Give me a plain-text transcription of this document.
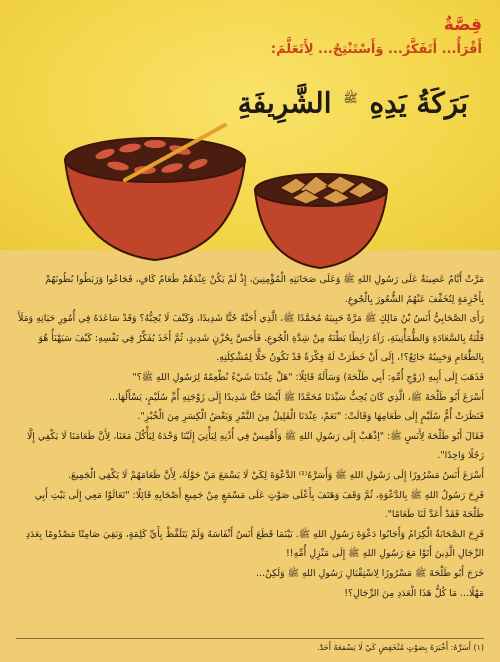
قِصَّةٌ
أَقْرَأُ... أَتَفَكَّرُ... وَأَسْتَنْتِجُ... لِأَتَعَلَّمَ:
بَرَكَةُ يَدِهِ $^ﷺ$ الشَّرِيفَةِ

مَرَّتْ أَيَّامٌ عَصِيبَةٌ عَلَى رَسُولِ اللهِ ﷺ وَعَلَى صَحَابَتِهِ الْمُؤْمِنِينَ، إِذْ لَمْ يَكُنْ عِنْدَهُمْ طَعَامٌ كَافٍ، فَجَاعُوا وَرَبَطُوا بُطُونَهُمْ بِأَحْزِمَةٍ لِتُخَفِّفَ عَنْهُمُ الشُّعُورَ بِالْجُوعِ.

رَأَى الصَّحَابِيُّ أَنَسُ بْنُ مَالِكٍ ﷺ مَرَّةً حَبِيبَهُ مُحَمَّدًا ﷺ، الَّذِي أَحَبَّهُ حُبًّا شَدِيدًا، وَكَيْفَ لَا يُحِبُّهُ؟ وَقَدْ سَاعَدَهُ فِي أُمُورِ حَيَاتِهِ وَمَلَأَ قَلْبَهُ بِالسَّعَادَةِ وَالطُّمَأْنِينَةِ، رَآهُ رَابِطًا بَطْنَهُ مِنْ شِدَّةِ الْجُوعِ، فَأَحَسَّ بِحُزْنٍ شَدِيدٍ، ثُمَّ أَخَذَ يُفَكِّرُ فِي نَفْسِهِ: كَيْفَ سَيَهْنَأُ هُوَ بِالطَّعَامِ وَحَبِيبُهُ جَائِعٌ؟!، إِلَى أَنْ خَطَرَتْ لَهُ فِكْرَةٌ قَدْ تَكُونُ حَلًّا لِمُشْكِلَتِهِ.

فَذَهَبَ إِلَى أَبِيهِ (زَوْجِ أُمِّهِ: أَبِي طَلْحَةَ) وَسَأَلَهُ قَائِلًا: "هَلْ عِنْدَنَا شَيْءٌ نُطْعِمُهُ لِرَسُولِ اللهِ ﷺ؟"

أَسْرَعَ أَبُو طَلْحَةَ ﷺ، الَّذِي كَانَ يُحِبُّ سَيِّدَنَا مُحَمَّدًا ﷺ أَيْضًا حُبًّا شَدِيدًا إِلَى زَوْجَتِهِ أُمِّ سُلَيْمٍ، يَسْأَلُهَا...

فَنَظَرَتْ أُمُّ سُلَيْمٍ إِلَى طَعَامِهَا وَقَالَتْ: "نَعَمْ، عِنْدَنَا الْقَلِيلُ مِنَ التَّمْرِ وَبَعْضُ الْكِسَرِ مِنَ الْخُبْزِ".

فَقَالَ أَبُو طَلْحَةَ لِأَنَسٍ ﷺ: "اِذْهَبْ إِلَى رَسُولِ اللهِ ﷺ وَأَهْمِسْ فِي أُذُنِهِ لِيَأْتِيَ إِلَيْنَا وَحْدَهُ لِيَأْكُلَ مَعَنَا، لِأَنَّ طَعَامَنَا لَا يَكْفِي إِلَّا رَجُلًا وَاحِدًا".

أَسْرَعَ أَنَسٌ مَسْرُورًا إِلَى رَسُولِ اللهِ ﷺ وَأَسَرَّهُ⁽¹⁾ الدَّعْوَةَ لِكَيْ لَا يَسْمَعَ مَنْ حَوْلَهُ، لِأَنَّ طَعَامَهُمْ لَا يَكْفِي الْجَمِيعَ.

فَرِحَ رَسُولُ اللهِ ﷺ بِالدَّعْوَةِ، ثُمَّ وَقَفَ وَهَتَفَ بِأَعْلَى صَوْتٍ عَلَى مَسْمَعٍ مِنْ جَمِيعِ أَصْحَابِهِ قَائِلًا: "تَعَالَوْا مَعِي إِلَى بَيْتِ أَبِي طَلْحَةَ فَقَدْ أَعَدَّ لَنَا طَعَامًا".

فَرِحَ الصَّحَابَةُ الْكِرَامُ وَأَجَابُوا دَعْوَةَ رَسُولِ اللهِ ﷺ. بَيْنَمَا قَطَعَ أَنَسٌ أَنْفَاسَهُ وَلَمْ يَتَلَفَّظْ بِأَيِّ كَلِمَةٍ، وَبَقِيَ صَامِتًا مَصْدُومًا بِعَدَدِ الرِّجَالِ الَّذِينَ أَتَوْا مَعَ رَسُولِ اللهِ ﷺ إِلَى مَنْزِلِ أُمِّهِ!!

خَرَجَ أَبُو طَلْحَةَ ﷺ مَسْرُورًا لِاسْتِقْبَالِ رَسُولِ اللهِ ﷺ وَلَكِنْ...

مَهْلًا... مَا كُلُّ هَذَا الْعَدَدِ مِنَ الرِّجَالِ؟!

(١) أَسَرَّهُ: أَخْبَرَهُ بِصَوْتٍ مُنْخَفِضٍ كَيْ لَا يَسْمَعَهُ أَحَدٌ.
